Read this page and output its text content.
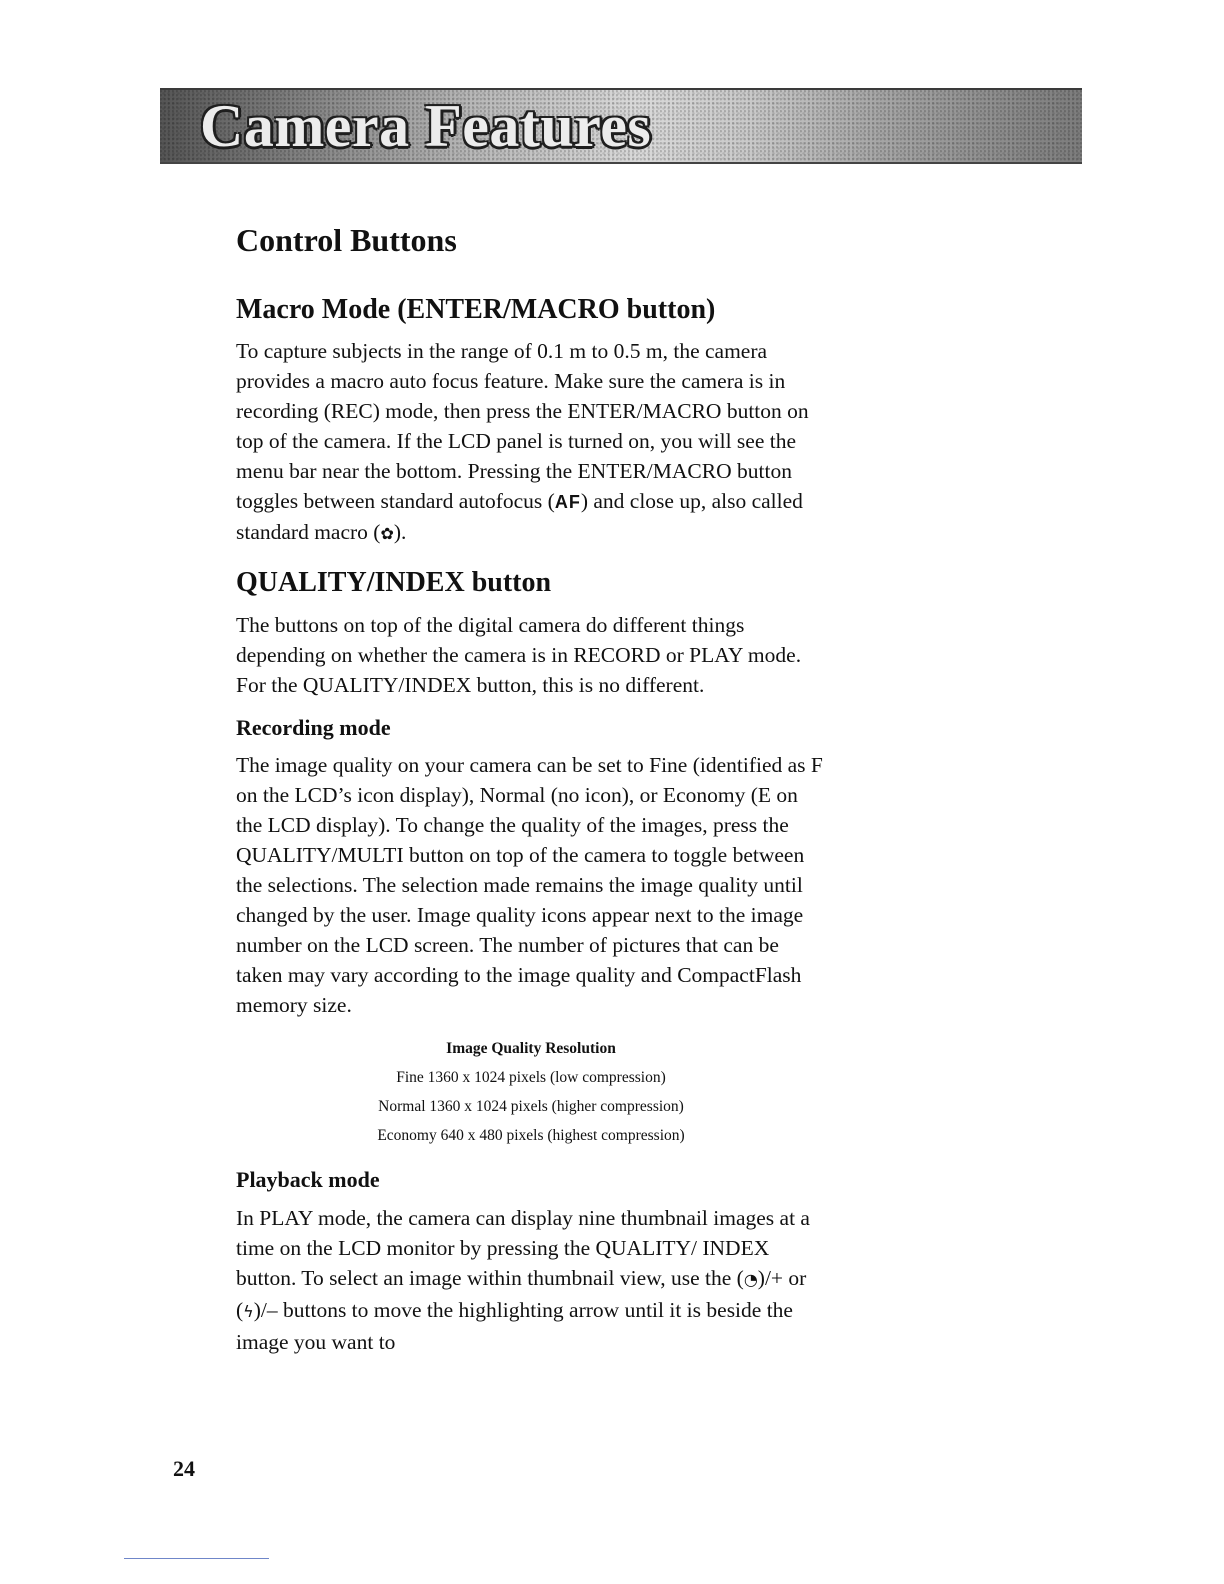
Camera Features
Control Buttons
Macro Mode (ENTER/MACRO button)

To capture subjects in the range of 0.1 m to 0.5 m, the camera provides a macro auto focus feature. Make sure the camera is in recording (REC) mode, then press the ENTER/MACRO button on top of the camera. If the LCD panel is turned on, you will see the menu bar near the bottom. Pressing the ENTER/MACRO button toggles between standard autofocus (AF) and close up, also called standard macro (✿).

QUALITY/INDEX button

The buttons on top of the digital camera do different things depending on whether the camera is in RECORD or PLAY mode. For the QUALITY/INDEX button, this is no different.

Recording mode

The image quality on your camera can be set to Fine (identified as F on the LCD’s icon display), Normal (no icon), or Economy (E on the LCD display). To change the quality of the images, press the QUALITY/MULTI button on top of the camera to toggle between the selections. The selection made remains the image quality until changed by the user. Image quality icons appear next to the image number on the LCD screen. The number of pictures that can be taken may vary according to the image quality and CompactFlash memory size.

Image Quality Resolution
Fine 1360 x 1024 pixels (low compression)
Normal 1360 x 1024 pixels (higher compression)
Economy 640 x 480 pixels (highest compression)
Playback mode

In PLAY mode, the camera can display nine thumbnail images at a time on the LCD monitor by pressing the QUALITY/ INDEX button. To select an image within thumbnail view, use the (◔)/+ or (ϟ)/– buttons to move the highlighting arrow until it is beside the image you want to

24
